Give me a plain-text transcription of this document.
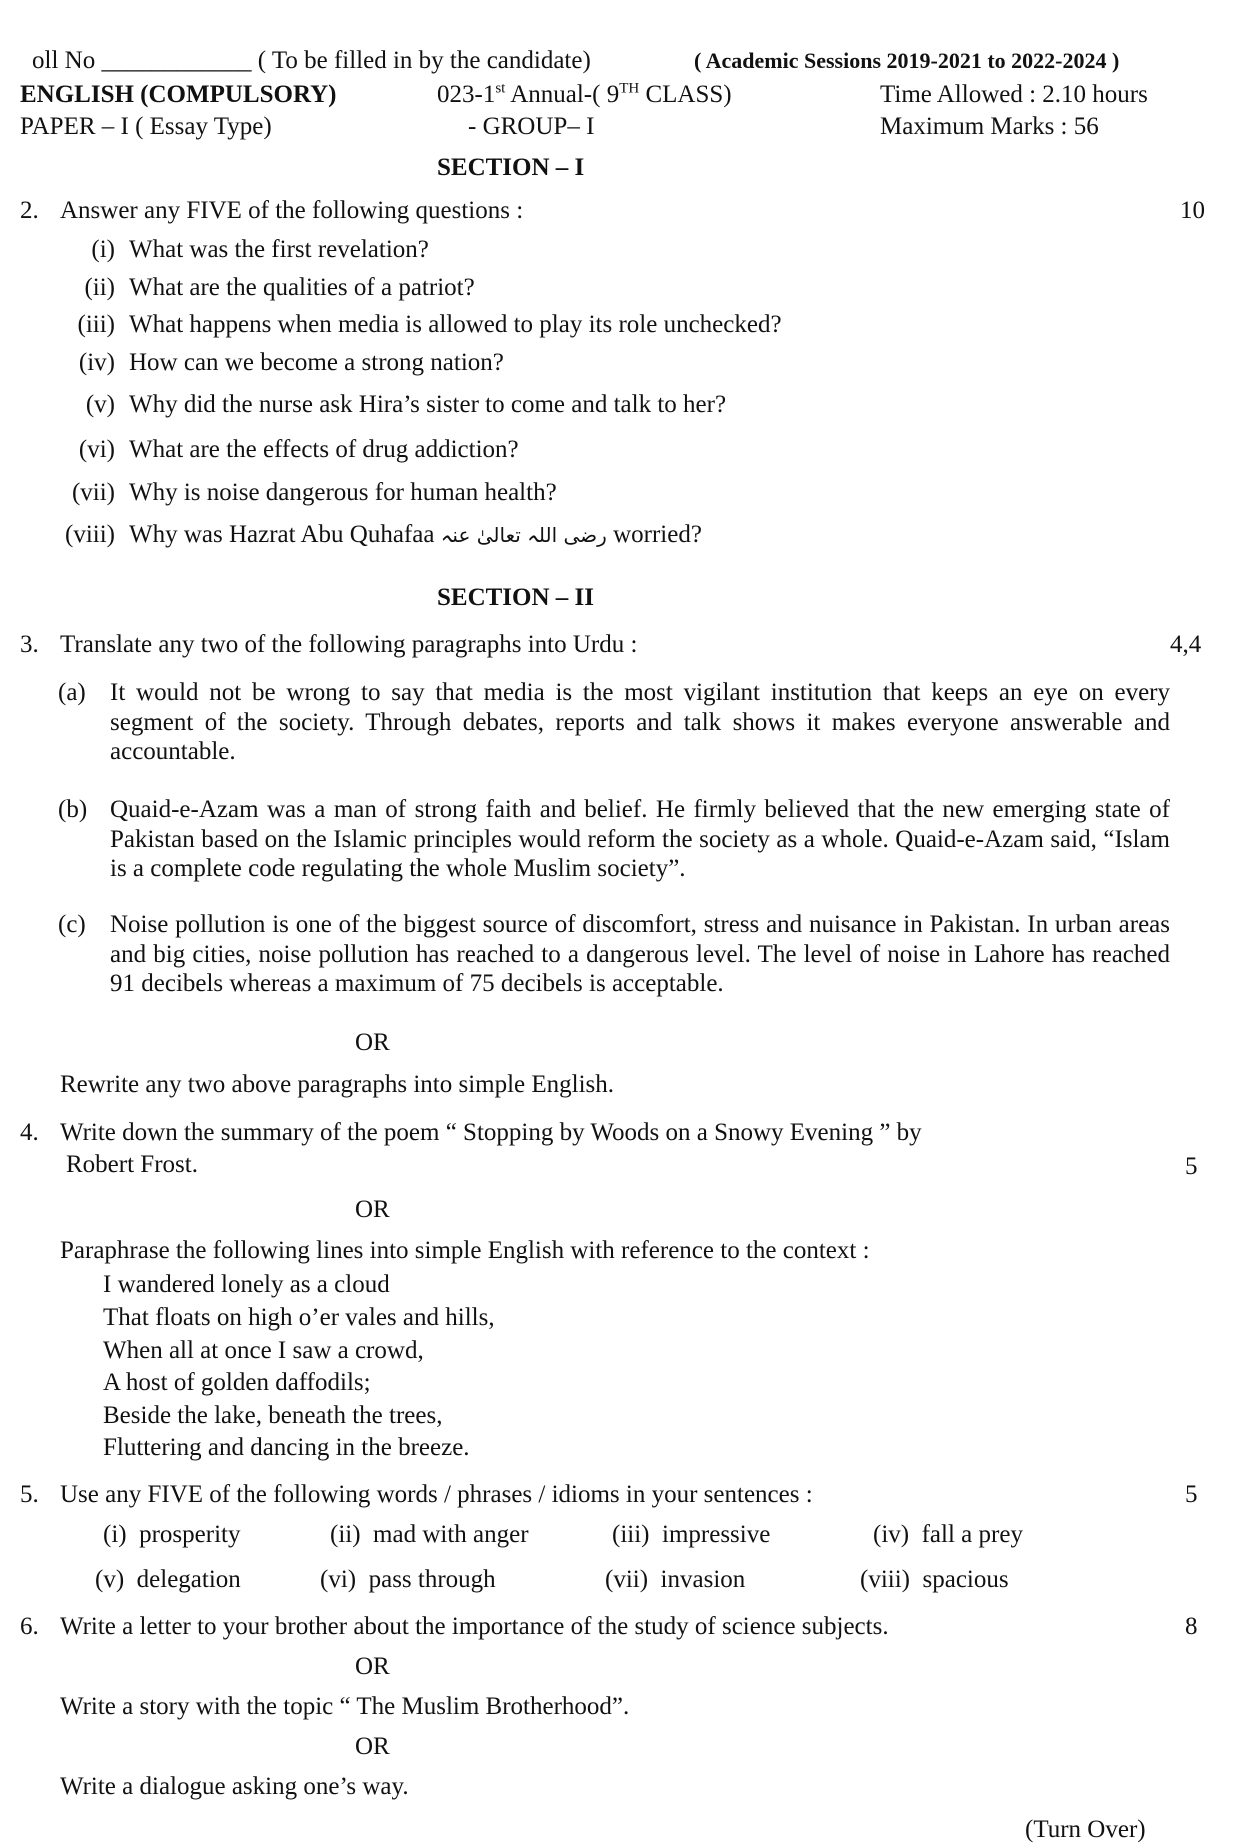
oll No ____________ ( To be filled in by the candidate)	( Academic Sessions 2019-2021 to 2022-2024 )
ENGLISH (COMPULSORY)	023-1st Annual-( 9TH CLASS)	Time Allowed : 2.10 hours
PAPER – I ( Essay Type)	- GROUP– I	Maximum Marks : 56
SECTION – I
2. Answer any FIVE of the following questions :	10
(i) What was the first revelation?
(ii) What are the qualities of a patriot?
(iii) What happens when media is allowed to play its role unchecked?
(iv) How can we become a strong nation?
(v) Why did the nurse ask Hira’s sister to come and talk to her?
(vi) What are the effects of drug addiction?
(vii) Why is noise dangerous for human health?
(viii) Why was Hazrat Abu Quhafaa رضی اللہ تعالیٰ عنہ worried?
SECTION – II
3. Translate any two of the following paragraphs into Urdu :	4,4
(a) It would not be wrong to say that media is the most vigilant institution that keeps an eye on every segment of the society. Through debates, reports and talk shows it makes everyone answerable and accountable.
(b) Quaid-e-Azam was a man of strong faith and belief. He firmly believed that the new emerging state of Pakistan based on the Islamic principles would reform the society as a whole. Quaid-e-Azam said, “Islam is a complete code regulating the whole Muslim society”.
(c) Noise pollution is one of the biggest source of discomfort, stress and nuisance in Pakistan. In urban areas and big cities, noise pollution has reached to a dangerous level. The level of noise in Lahore has reached 91 decibels whereas a maximum of 75 decibels is acceptable.
OR
Rewrite any two above paragraphs into simple English.
4. Write down the summary of the poem “ Stopping by Woods on a Snowy Evening ” by
Robert Frost.	5
OR
Paraphrase the following lines into simple English with reference to the context :
I wandered lonely as a cloud
That floats on high o’er vales and hills,
When all at once I saw a crowd,
A host of golden daffodils;
Beside the lake, beneath the trees,
Fluttering and dancing in the breeze.
5. Use any FIVE of the following words / phrases / idioms in your sentences :	5
(i) prosperity	(ii) mad with anger	(iii) impressive	(iv) fall a prey
(v) delegation	(vi) pass through	(vii) invasion	(viii) spacious
6. Write a letter to your brother about the importance of the study of science subjects.	8
OR
Write a story with the topic “ The Muslim Brotherhood”.
OR
Write a dialogue asking one’s way.
(Turn Over)
